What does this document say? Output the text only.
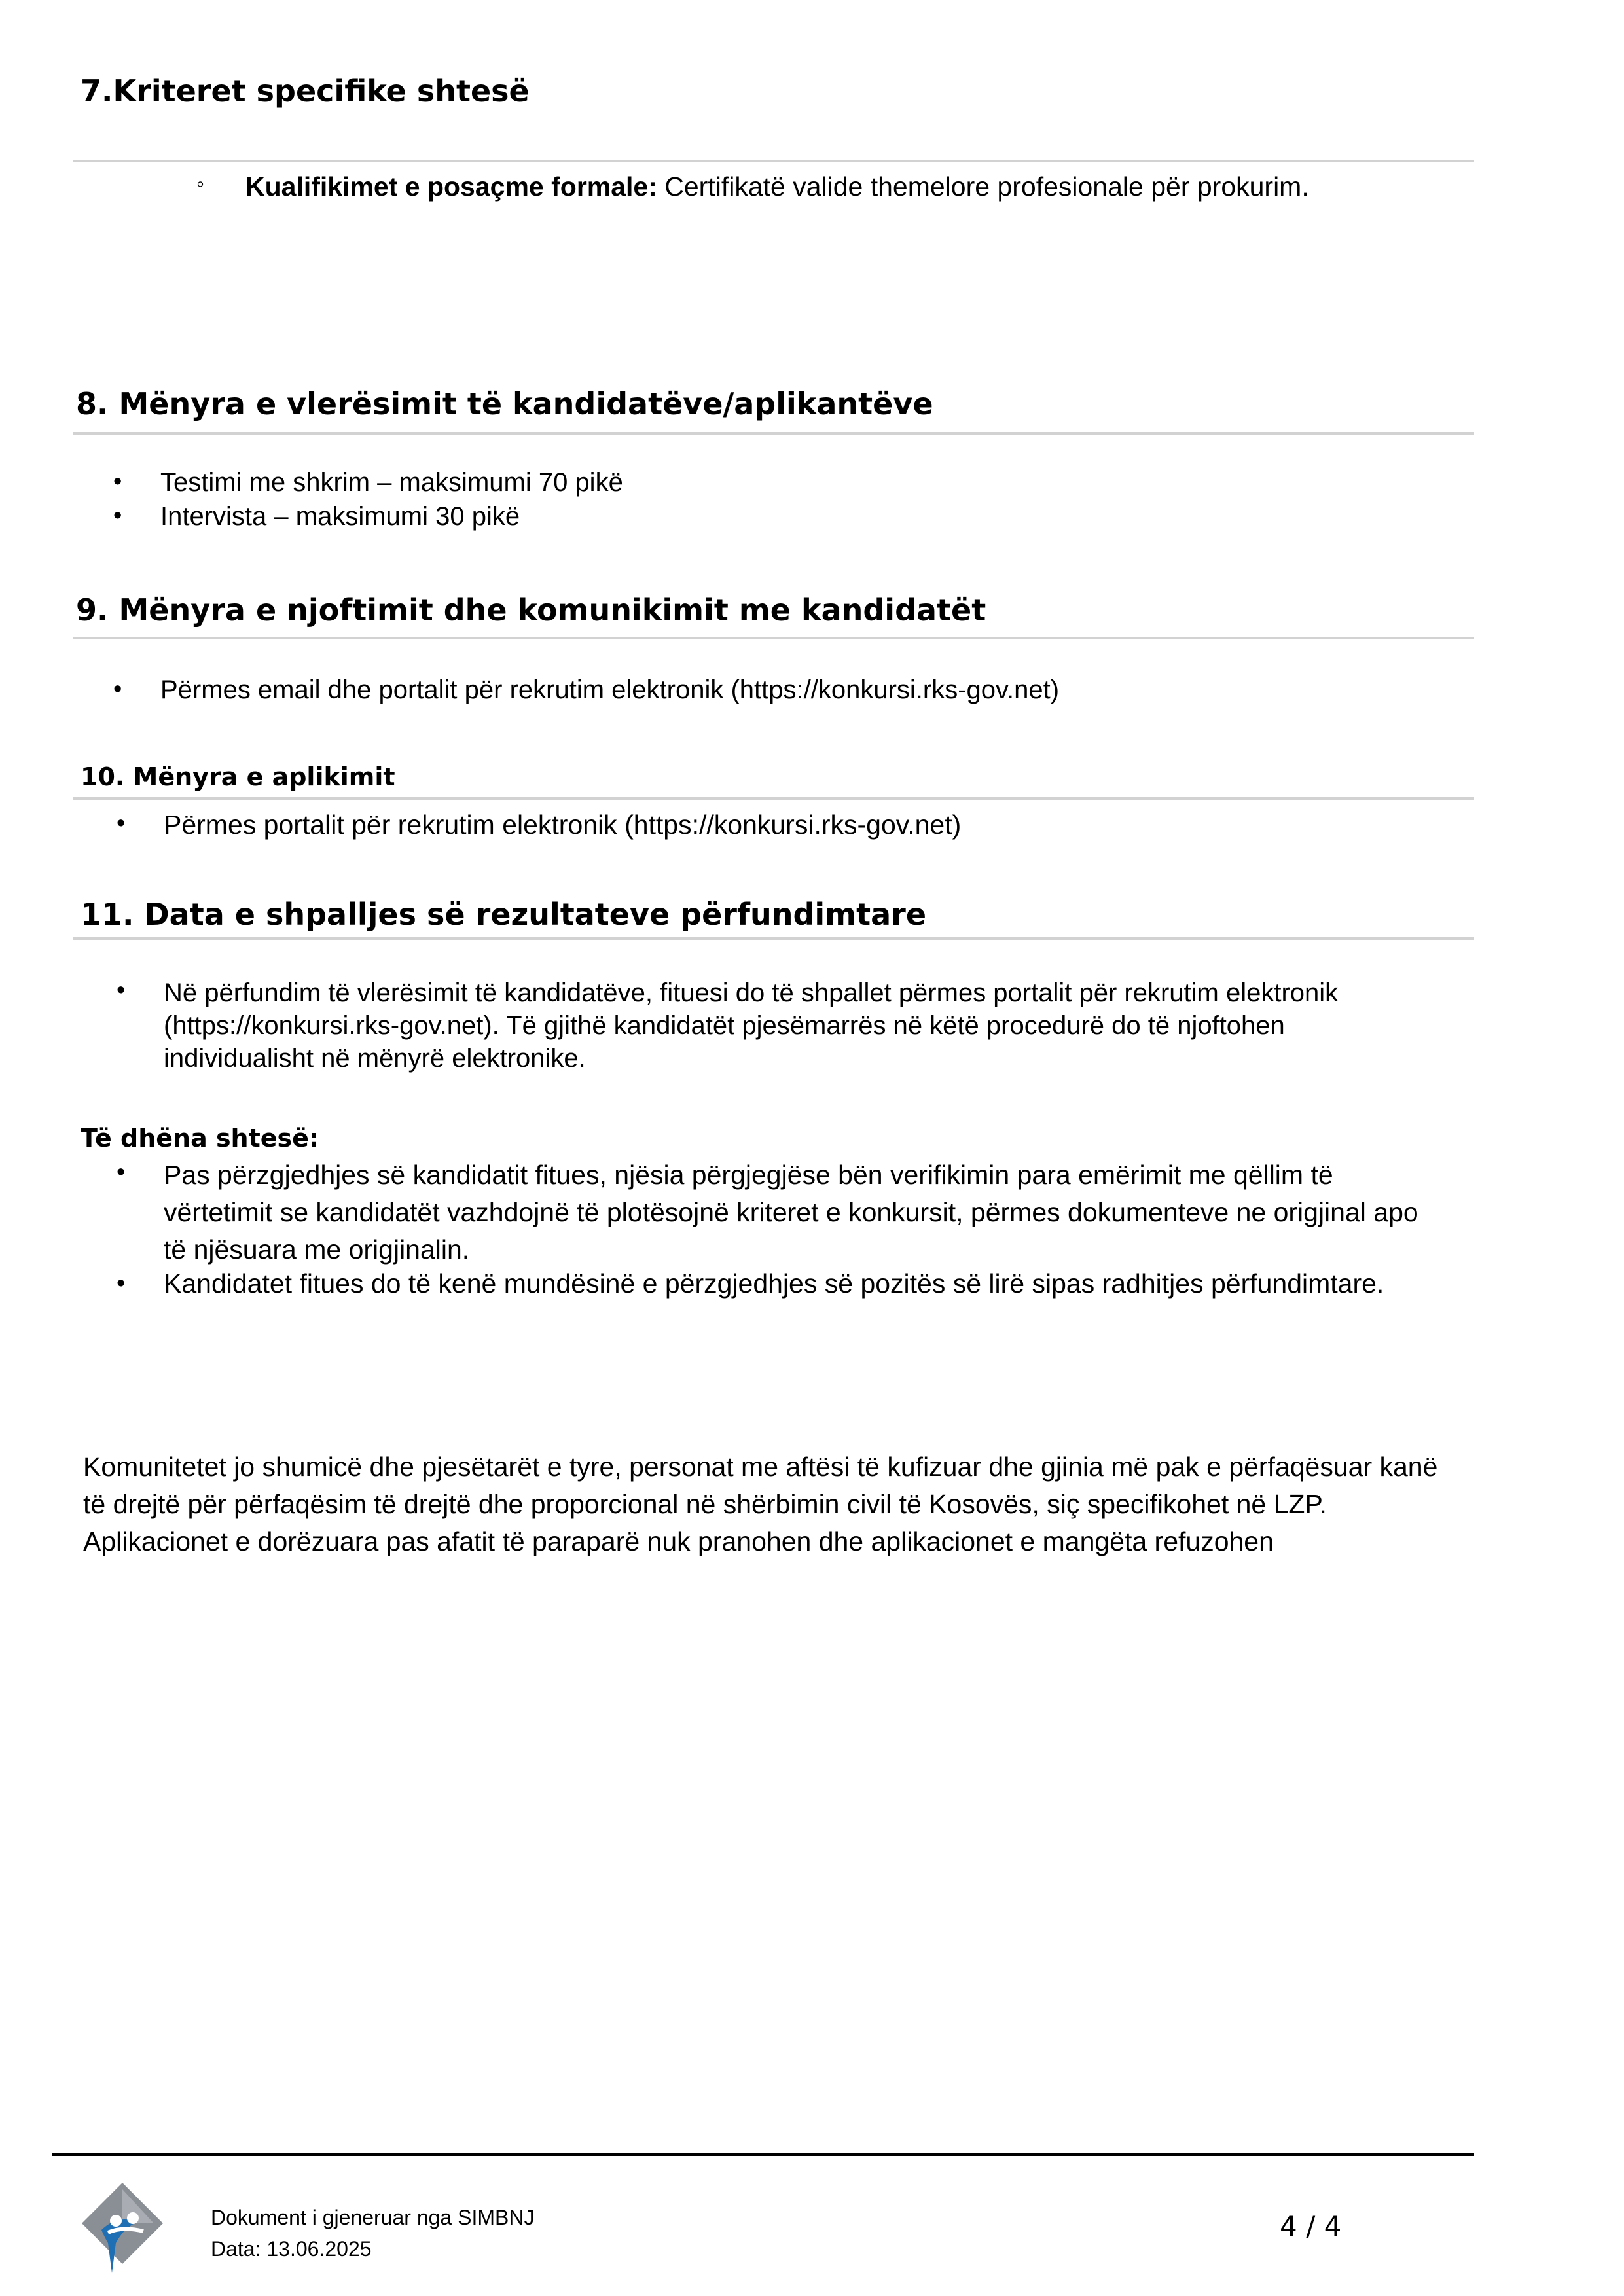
7.Kriteret specifike shtesë
◦ Kualifikimet e posaçme formale: Certifikatë valide themelore profesionale për prokurim.
8. Mënyra e vlerësimit të kandidatëve/aplikantëve
• Testimi me shkrim – maksimumi 70 pikë
• Intervista – maksimumi 30 pikë
9. Mënyra e njoftimit dhe komunikimit me kandidatët
• Përmes email dhe portalit për rekrutim elektronik (https://konkursi.rks-gov.net)
10. Mënyra e aplikimit
• Përmes portalit për rekrutim elektronik (https://konkursi.rks-gov.net)
11. Data e shpalljes së rezultateve përfundimtare
• Në përfundim të vlerësimit të kandidatëve, fituesi do të shpallet përmes portalit për rekrutim elektronik
(https://konkursi.rks-gov.net). Të gjithë kandidatët pjesëmarrës në këtë procedurë do të njoftohen
individualisht në mënyrë elektronike.
Të dhëna shtesë:
• Pas përzgjedhjes së kandidatit fitues, njësia përgjegjëse bën verifikimin para emërimit me qëllim të
vërtetimit se kandidatët vazhdojnë të plotësojnë kriteret e konkursit, përmes dokumenteve ne origjinal apo
të njësuara me origjinalin.
• Kandidatet fitues do të kenë mundësinë e përzgjedhjes së pozitës së lirë sipas radhitjes përfundimtare.
Komunitetet jo shumicë dhe pjesëtarët e tyre, personat me aftësi të kufizuar dhe gjinia më pak e përfaqësuar kanë
të drejtë për përfaqësim të drejtë dhe proporcional në shërbimin civil të Kosovës, siç specifikohet në LZP.
Aplikacionet e dorëzuara pas afatit të paraparë nuk pranohen dhe aplikacionet e mangëta refuzohen
Dokument i gjeneruar nga SIMBNJ
Data: 13.06.2025
4 / 4
